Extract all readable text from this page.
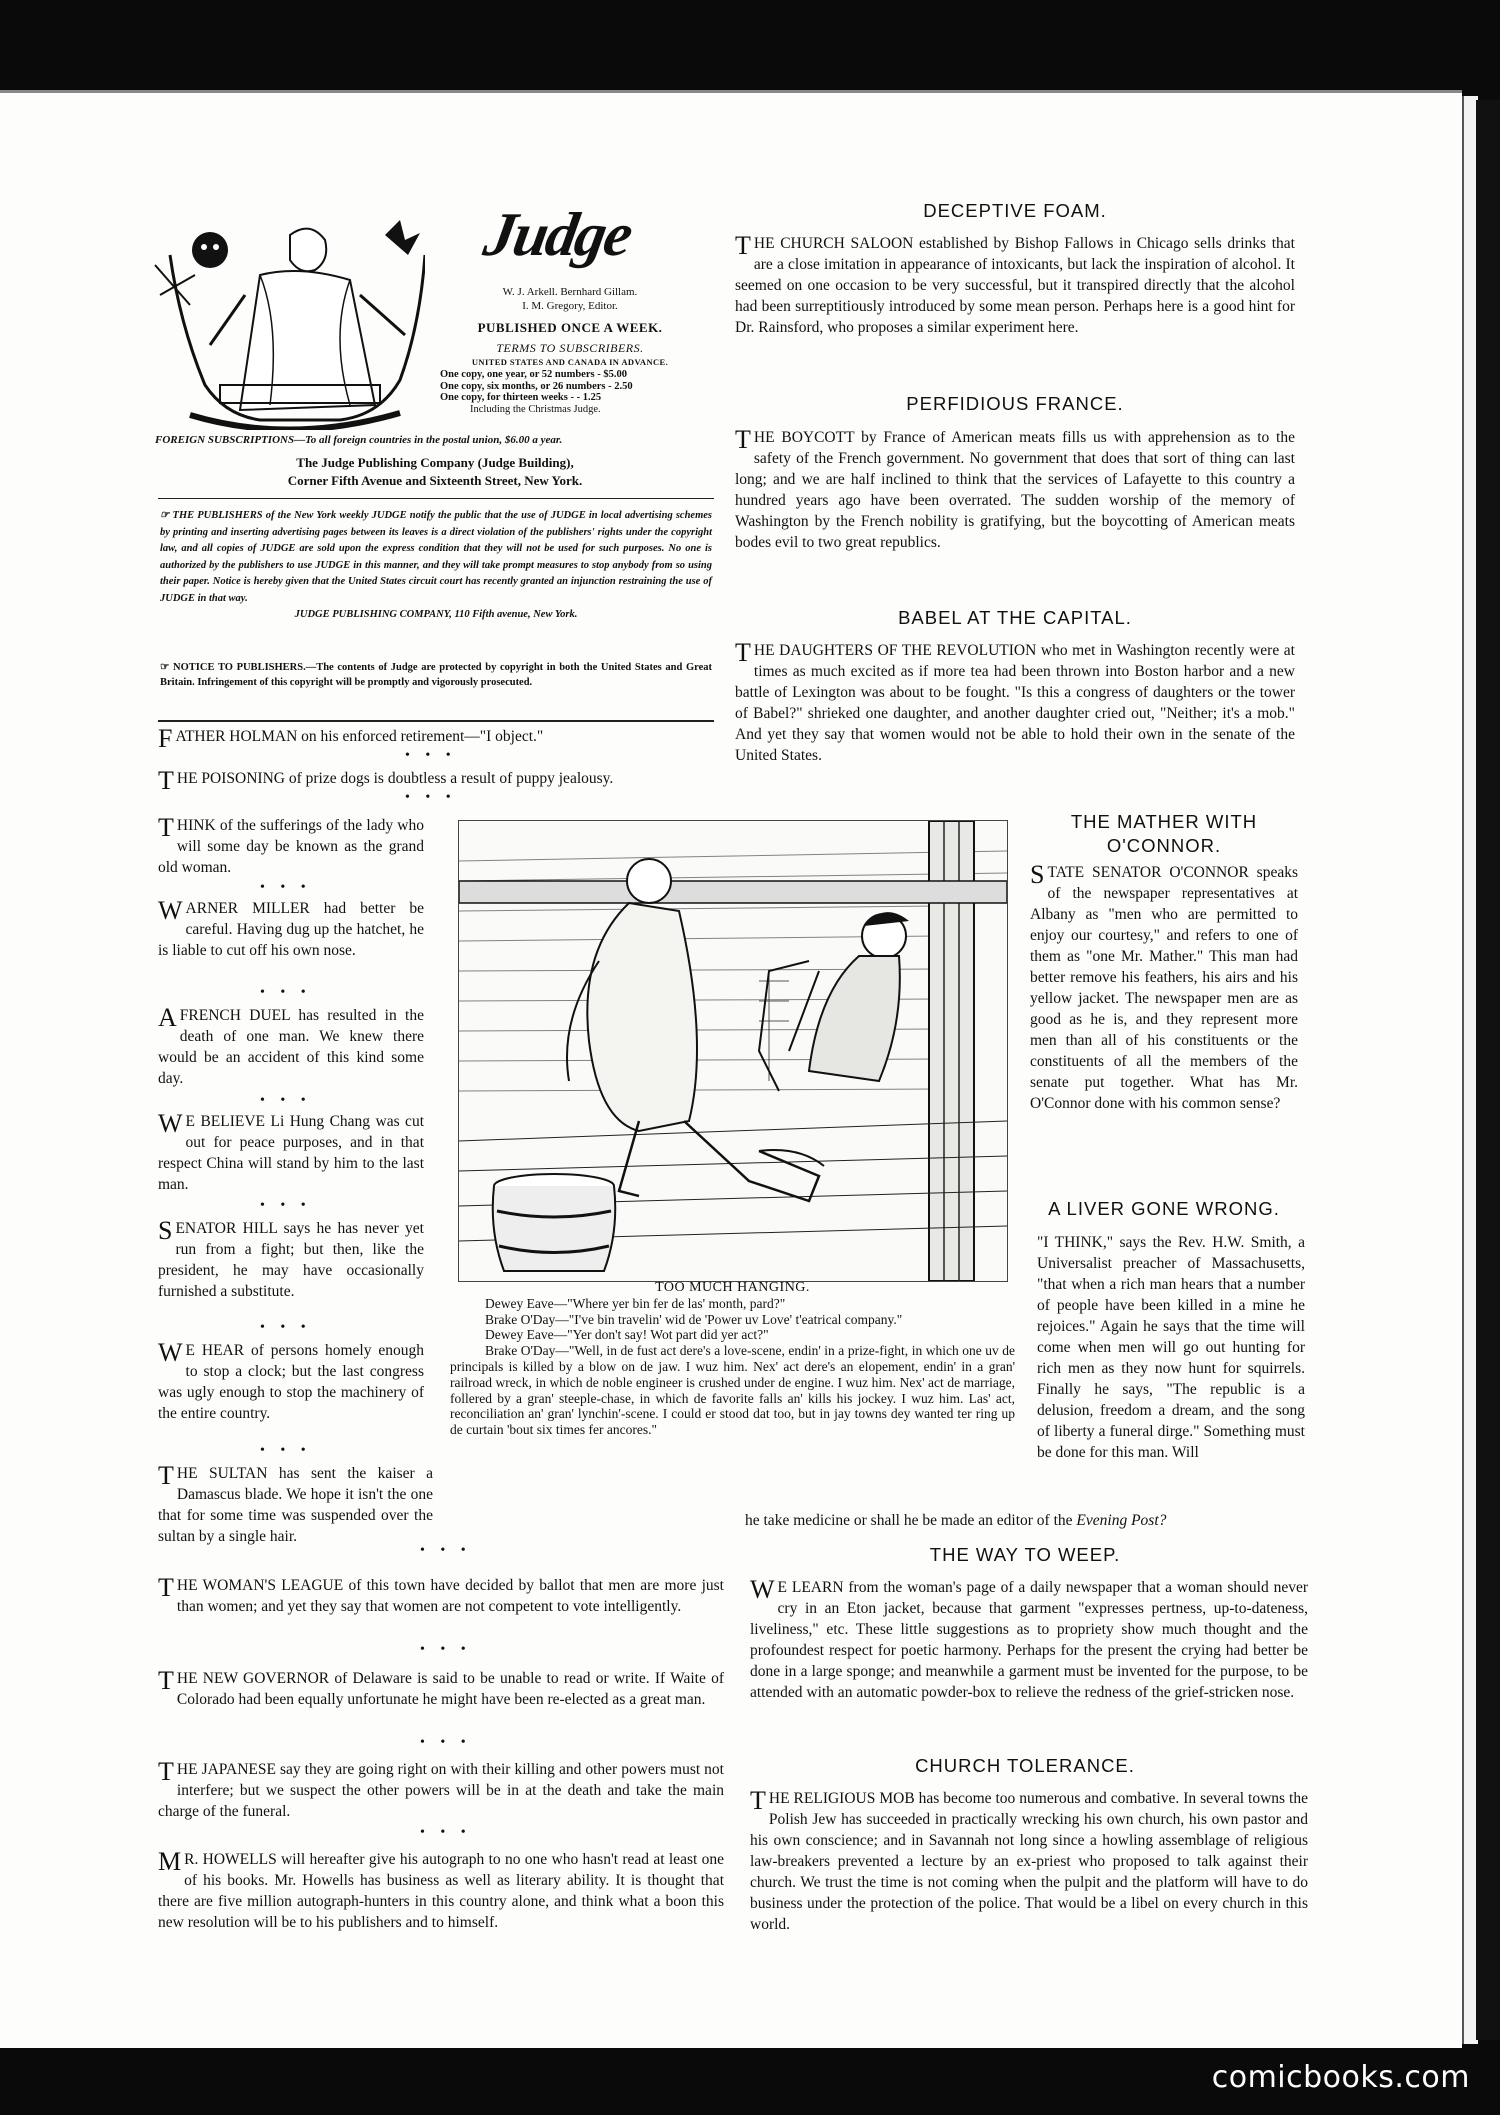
Judge
W. J. Arkell. Bernhard Gillam.
I. M. Gregory, Editor.
PUBLISHED ONCE A WEEK.
TERMS TO SUBSCRIBERS.
UNITED STATES AND CANADA IN ADVANCE.
One copy, one year, or 52 numbers - $5.00
One copy, six months, or 26 numbers - 2.50
One copy, for thirteen weeks - - 1.25
Including the Christmas Judge.
FOREIGN SUBSCRIPTIONS—To all foreign countries in the postal union, $6.00 a year.
The Judge Publishing Company (Judge Building),
Corner Fifth Avenue and Sixteenth Street, New York.
☞ THE PUBLISHERS of the New York weekly JUDGE notify the public that the use of JUDGE in local advertising schemes by printing and inserting advertising pages between its leaves is a direct violation of the publishers' rights under the copyright law, and all copies of JUDGE are sold upon the express condition that they will not be used for such purposes. No one is authorized by the publishers to use JUDGE in this manner, and they will take prompt measures to stop anybody from so using their paper. Notice is hereby given that the United States circuit court has recently granted an injunction restraining the use of JUDGE in that way.
JUDGE PUBLISHING COMPANY, 110 Fifth avenue, New York.
☞ NOTICE TO PUBLISHERS.—The contents of Judge are protected by copyright in both the United States and Great Britain. Infringement of this copyright will be promptly and vigorously prosecuted.
FATHER HOLMAN on his enforced retirement—"I object."
• • •
THE POISONING of prize dogs is doubtless a result of puppy jealousy.
• • •
THINK of the sufferings of the lady who will some day be known as the grand old woman.
• • •
WARNER MILLER had better be careful. Having dug up the hatchet, he is liable to cut off his own nose.
• • •
AFRENCH DUEL has resulted in the death of one man. We knew there would be an accident of this kind some day.
• • •
W E BELIEVE Li Hung Chang was cut out for peace purposes, and in that respect China will stand by him to the last man.
• • •
SENATOR HILL says he has never yet run from a fight; but then, like the president, he may have occasionally furnished a substitute.
• • •
W E HEAR of persons homely enough to stop a clock; but the last congress was ugly enough to stop the machinery of the entire country.
• • •
THE SULTAN has sent the kaiser a Damascus blade. We hope it isn't the one that for some time was suspended over the sultan by a single hair.
• • •
THE WOMAN'S LEAGUE of this town have decided by ballot that men are more just than women; and yet they say that women are not competent to vote intelligently.
• • •
THE NEW GOVERNOR of Delaware is said to be unable to read or write. If Waite of Colorado had been equally unfortunate he might have been re-elected as a great man.
• • •
THE JAPANESE say they are going right on with their killing and other powers must not interfere; but we suspect the other powers will be in at the death and take the main charge of the funeral.
• • •
M R. HOWELLS will hereafter give his autograph to no one who hasn't read at least one of his books. Mr. Howells has business as well as literary ability. It is thought that there are five million autograph-hunters in this country alone, and think what a boon this new resolution will be to his publishers and to himself.
DECEPTIVE FOAM.
THE CHURCH SALOON established by Bishop Fallows in Chicago sells drinks that are a close imitation in appearance of intoxicants, but lack the inspiration of alcohol. It seemed on one occasion to be very successful, but it transpired directly that the alcohol had been surreptitiously introduced by some mean person. Perhaps here is a good hint for Dr. Rainsford, who proposes a similar experiment here.
PERFIDIOUS FRANCE.
THE BOYCOTT by France of American meats fills us with apprehension as to the safety of the French government. No government that does that sort of thing can last long; and we are half inclined to think that the services of Lafayette to this country a hundred years ago have been overrated. The sudden worship of the memory of Washington by the French nobility is gratifying, but the boycotting of American meats bodes evil to two great republics.
BABEL AT THE CAPITAL.
THE DAUGHTERS OF THE REVOLUTION who met in Washington recently were at times as much excited as if more tea had been thrown into Boston harbor and a new battle of Lexington was about to be fought. "Is this a congress of daughters or the tower of Babel?" shrieked one daughter, and another daughter cried out, "Neither; it's a mob." And yet they say that women would not be able to hold their own in the senate of the United States.
TOO MUCH HANGING.

Dewey Eave—"Where yer bin fer de las' month, pard?"

Brake O'Day—"I've bin travelin' wid de 'Power uv Love' t'eatrical company."

Dewey Eave—"Yer don't say! Wot part did yer act?"

Brake O'Day—"Well, in de fust act dere's a love-scene, endin' in a prize-fight, in which one uv de principals is killed by a blow on de jaw. I wuz him. Nex' act dere's an elopement, endin' in a gran' railroad wreck, in which de noble engineer is crushed under de engine. I wuz him. Nex' act de marriage, follered by a gran' steeple-chase, in which de favorite falls an' kills his jockey. I wuz him. Las' act, reconciliation an' gran' lynchin'-scene. I could er stood dat too, but in jay towns dey wanted ter ring up de curtain 'bout six times fer ancores."

THE MATHER WITH O'CONNOR.
STATE SENATOR O'CONNOR speaks of the newspaper representatives at Albany as "men who are permitted to enjoy our courtesy," and refers to one of them as "one Mr. Mather." This man had better remove his feathers, his airs and his yellow jacket. The newspaper men are as good as he is, and they represent more men than all of his constituents or the constituents of all the members of the senate put together. What has Mr. O'Connor done with his common sense?
A LIVER GONE WRONG.
"I THINK," says the Rev. H.W. Smith, a Universalist preacher of Massachusetts, "that when a rich man hears that a number of people have been killed in a mine he rejoices." Again he says that the time will come when men will go out hunting for rich men as they now hunt for squirrels. Finally he says, "The republic is a delusion, freedom a dream, and the song of liberty a funeral dirge." Something must be done for this man. Will
he take medicine or shall he be made an editor of the Evening Post?
THE WAY TO WEEP.
W E LEARN from the woman's page of a daily newspaper that a woman should never cry in an Eton jacket, because that garment "expresses pertness, up-to-dateness, liveliness," etc. These little suggestions as to propriety show much thought and the profoundest respect for poetic harmony. Perhaps for the present the crying had better be done in a large sponge; and meanwhile a garment must be invented for the purpose, to be attended with an automatic powder-box to relieve the redness of the grief-stricken nose.
CHURCH TOLERANCE.
THE RELIGIOUS MOB has become too numerous and combative. In several towns the Polish Jew has succeeded in practically wrecking his own church, his own pastor and his own conscience; and in Savannah not long since a howling assemblage of religious law-breakers prevented a lecture by an ex-priest who proposed to talk against their church. We trust the time is not coming when the pulpit and the platform will have to do business under the protection of the police. That would be a libel on every church in this world.
comicbooks.com
